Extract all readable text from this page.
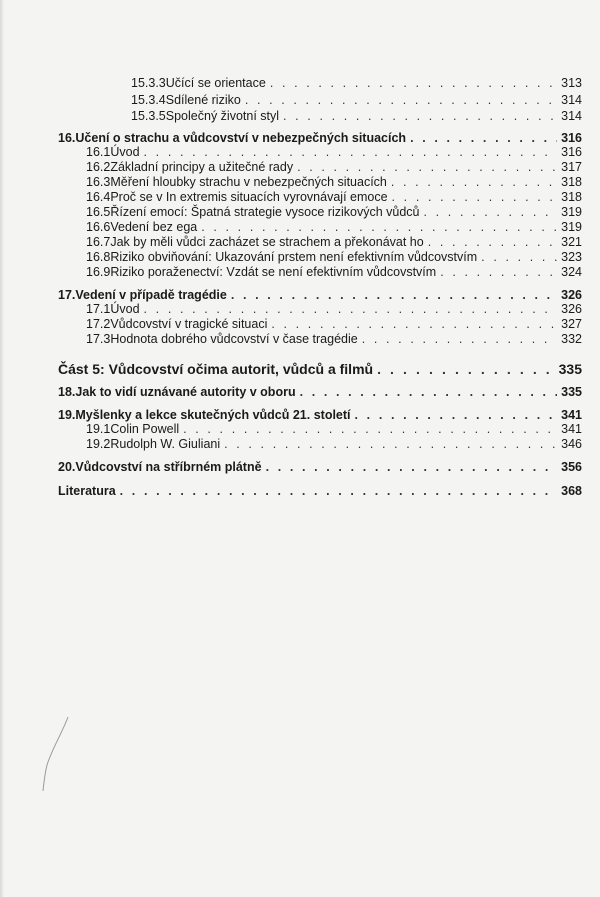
15.3.3 Učící se orientace . . .	313
15.3.4 Sdílené riziko . . .	314
15.3.5 Společný životní styl . . .	314
16. Učení o strachu a vůdcovství v nebezpečných situacích . . .	316
16.1 Úvod . . .	316
16.2 Základní principy a užitečné rady . . .	317
16.3 Měření hloubky strachu v nebezpečných situacích . . .	318
16.4 Proč se v In extremis situacích vyrovnávají emoce . . .	318
16.5 Řízení emocí: Špatná strategie vysoce rizikových vůdců . . .	319
16.6 Vedení bez ega . . .	319
16.7 Jak by měli vůdci zacházet se strachem a překonávat ho . . .	321
16.8 Riziko obviňování: Ukazování prstem není efektivním vůdcovstvím . . .	323
16.9 Riziko poraženectví: Vzdát se není efektivním vůdcovstvím . . .	324
17. Vedení v případě tragédie . . .	326
17.1 Úvod . . .	326
17.2 Vůdcovství v tragické situaci . . .	327
17.3 Hodnota dobrého vůdcovství v čase tragédie . . .	332
Část 5: Vůdcovství očima autorit, vůdců a filmů . . .	335
18. Jak to vidí uznávané autority v oboru . . .	335
19. Myšlenky a lekce skutečných vůdců 21. století . . .	341
19.1 Colin Powell . . .	341
19.2 Rudolph W. Giuliani . . .	346
20. Vůdcovství na stříbrném plátně . . .	356
Literatura . . .	368
